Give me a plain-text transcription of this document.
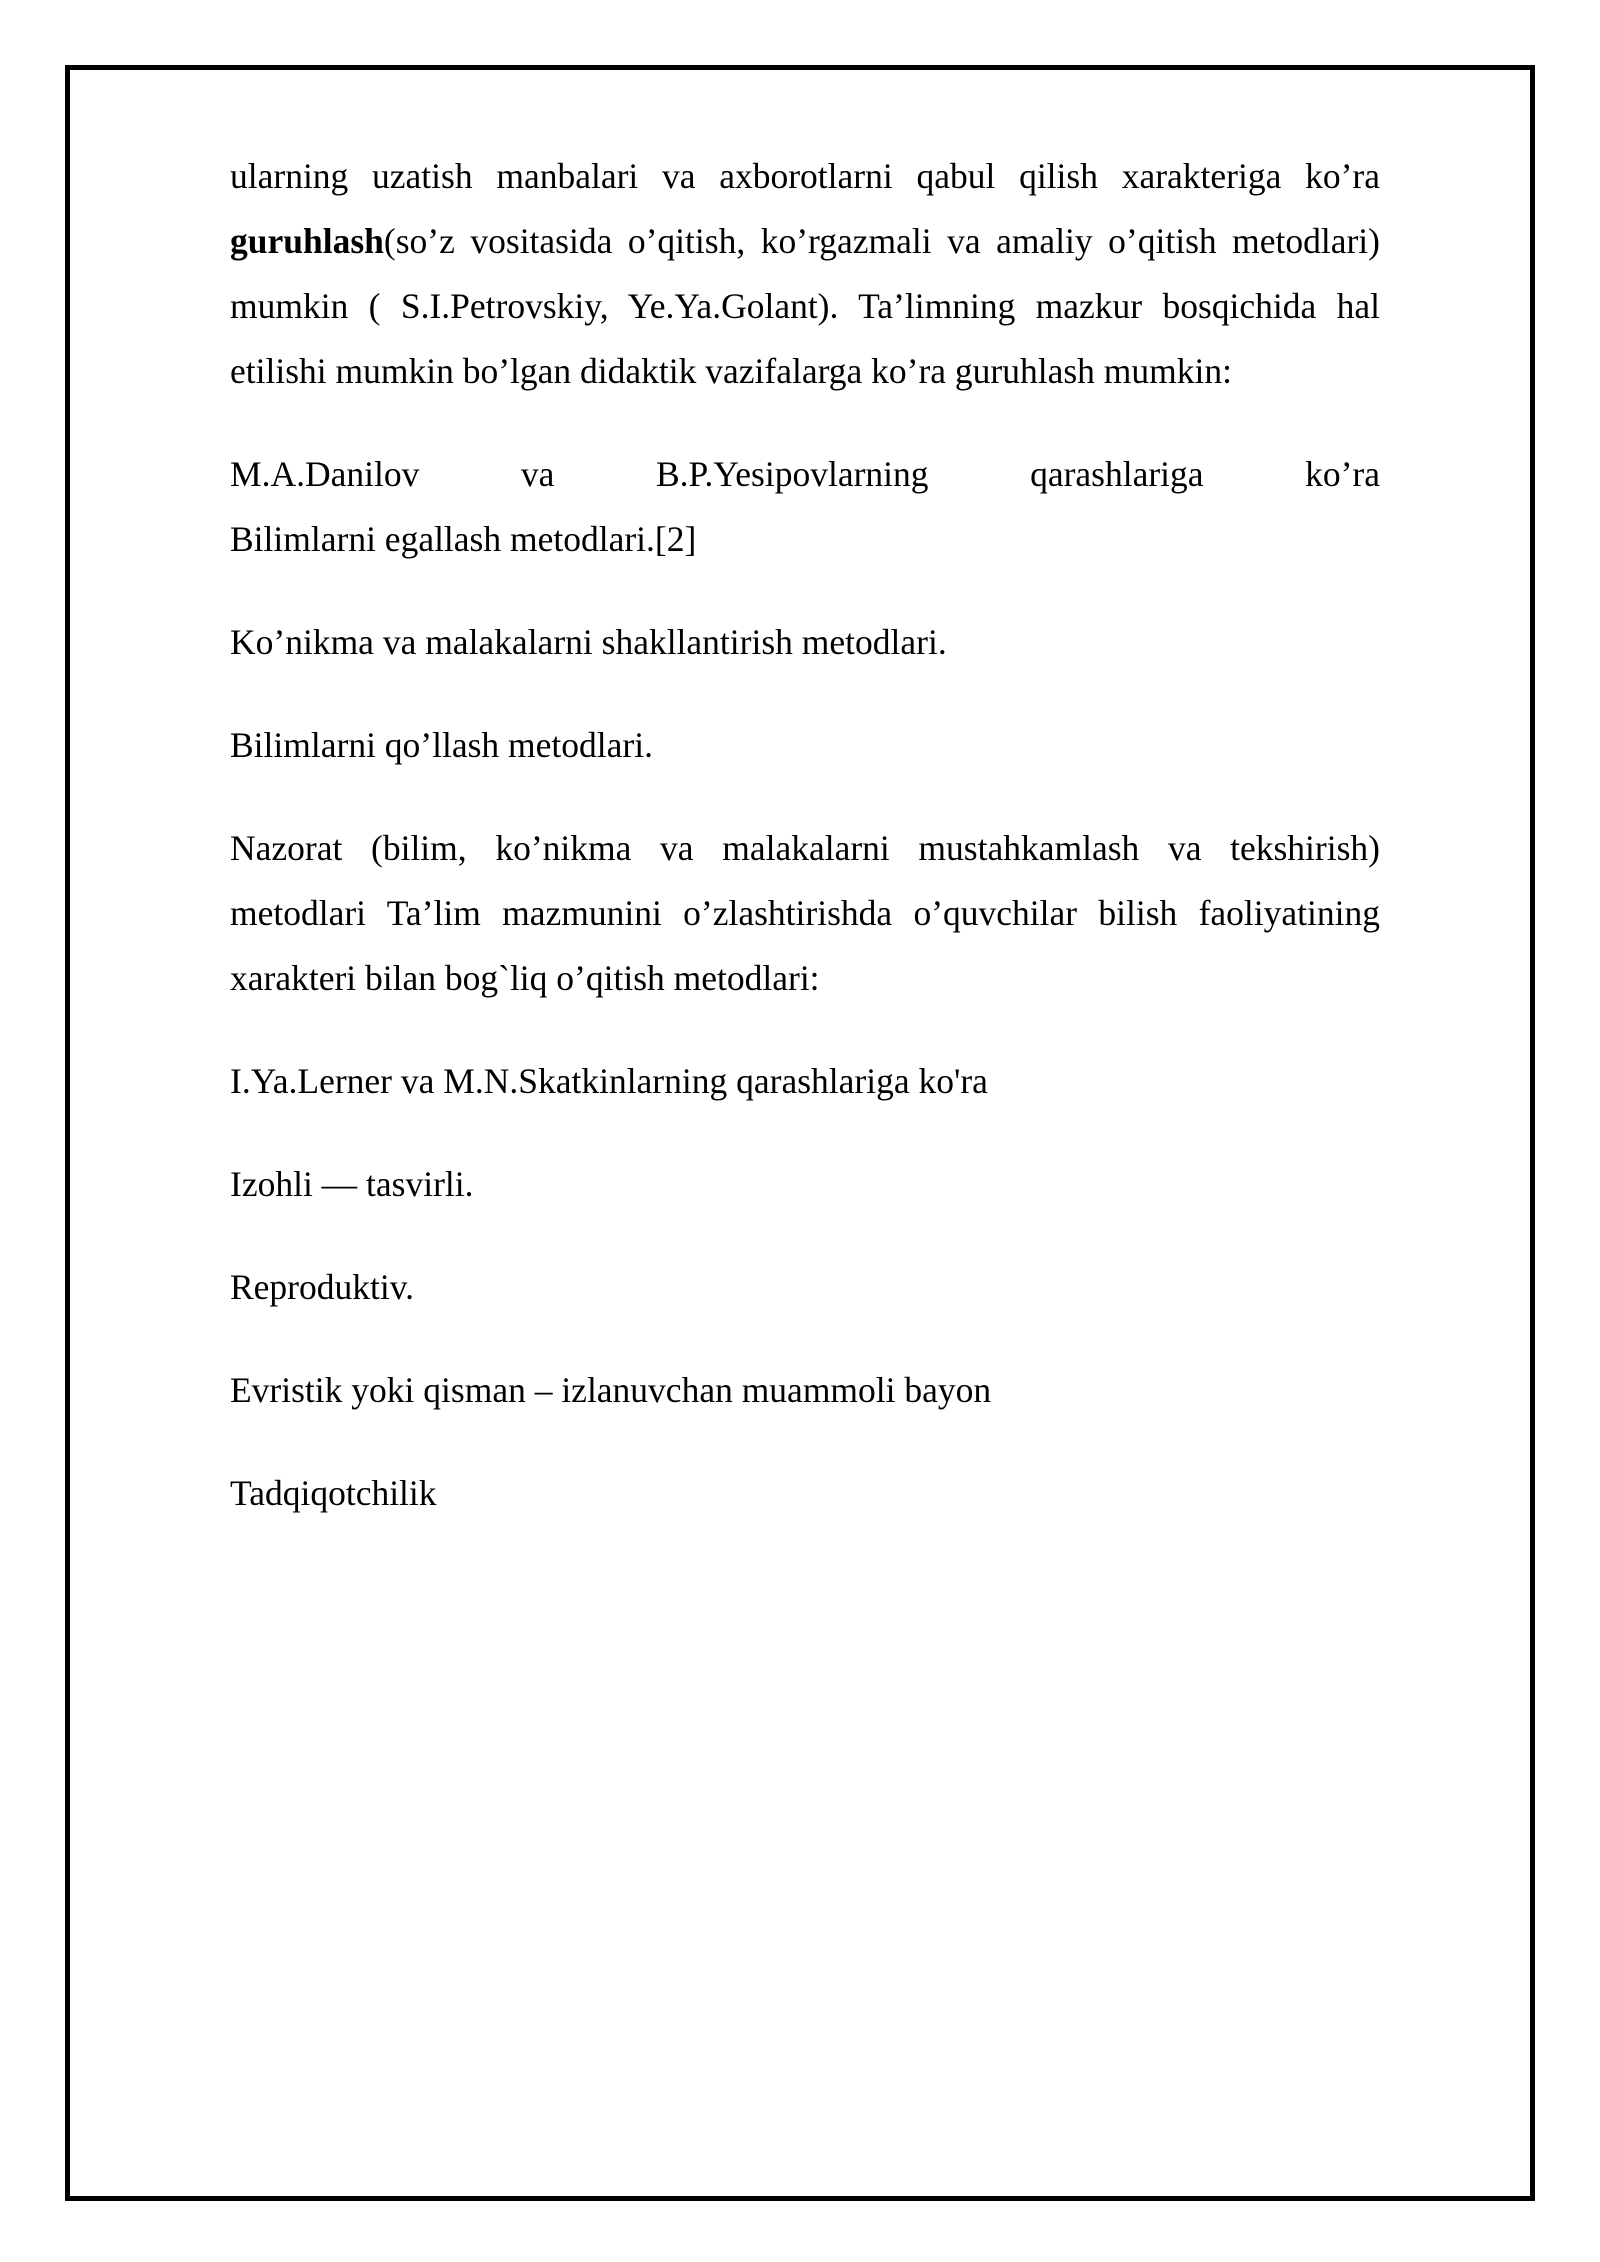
ularning uzatish manbalari va axborotlarni qabul qilish xarakteriga ko’ra guruhlash(so’z vositasida o’qitish, ko’rgazmali va amaliy o’qitish metodlari) mumkin ( S.I.Petrovskiy, Ye.Ya.Golant). Ta’limning mazkur bosqichida hal etilishi mumkin bo’lgan didaktik vazifalarga ko’ra guruhlash mumkin:

M.A.Danilov va B.P.Yesipovlarning qarashlariga ko’ra
Bilimlarni egallash metodlari.[2]

Ko’nikma va malakalarni shakllantirish metodlari.

Bilimlarni qo’llash metodlari.

Nazorat (bilim, ko’nikma va malakalarni mustahkamlash va tekshirish) metodlari Ta’lim mazmunini o’zlashtirishda o’quvchilar bilish faoliyatining xarakteri bilan bog`liq o’qitish metodlari:

I.Ya.Lerner va M.N.Skatkinlarning qarashlariga ko'ra

Izohli — tasvirli.

Reproduktiv.

Evristik yoki qisman – izlanuvchan muammoli bayon

Tadqiqotchilik
